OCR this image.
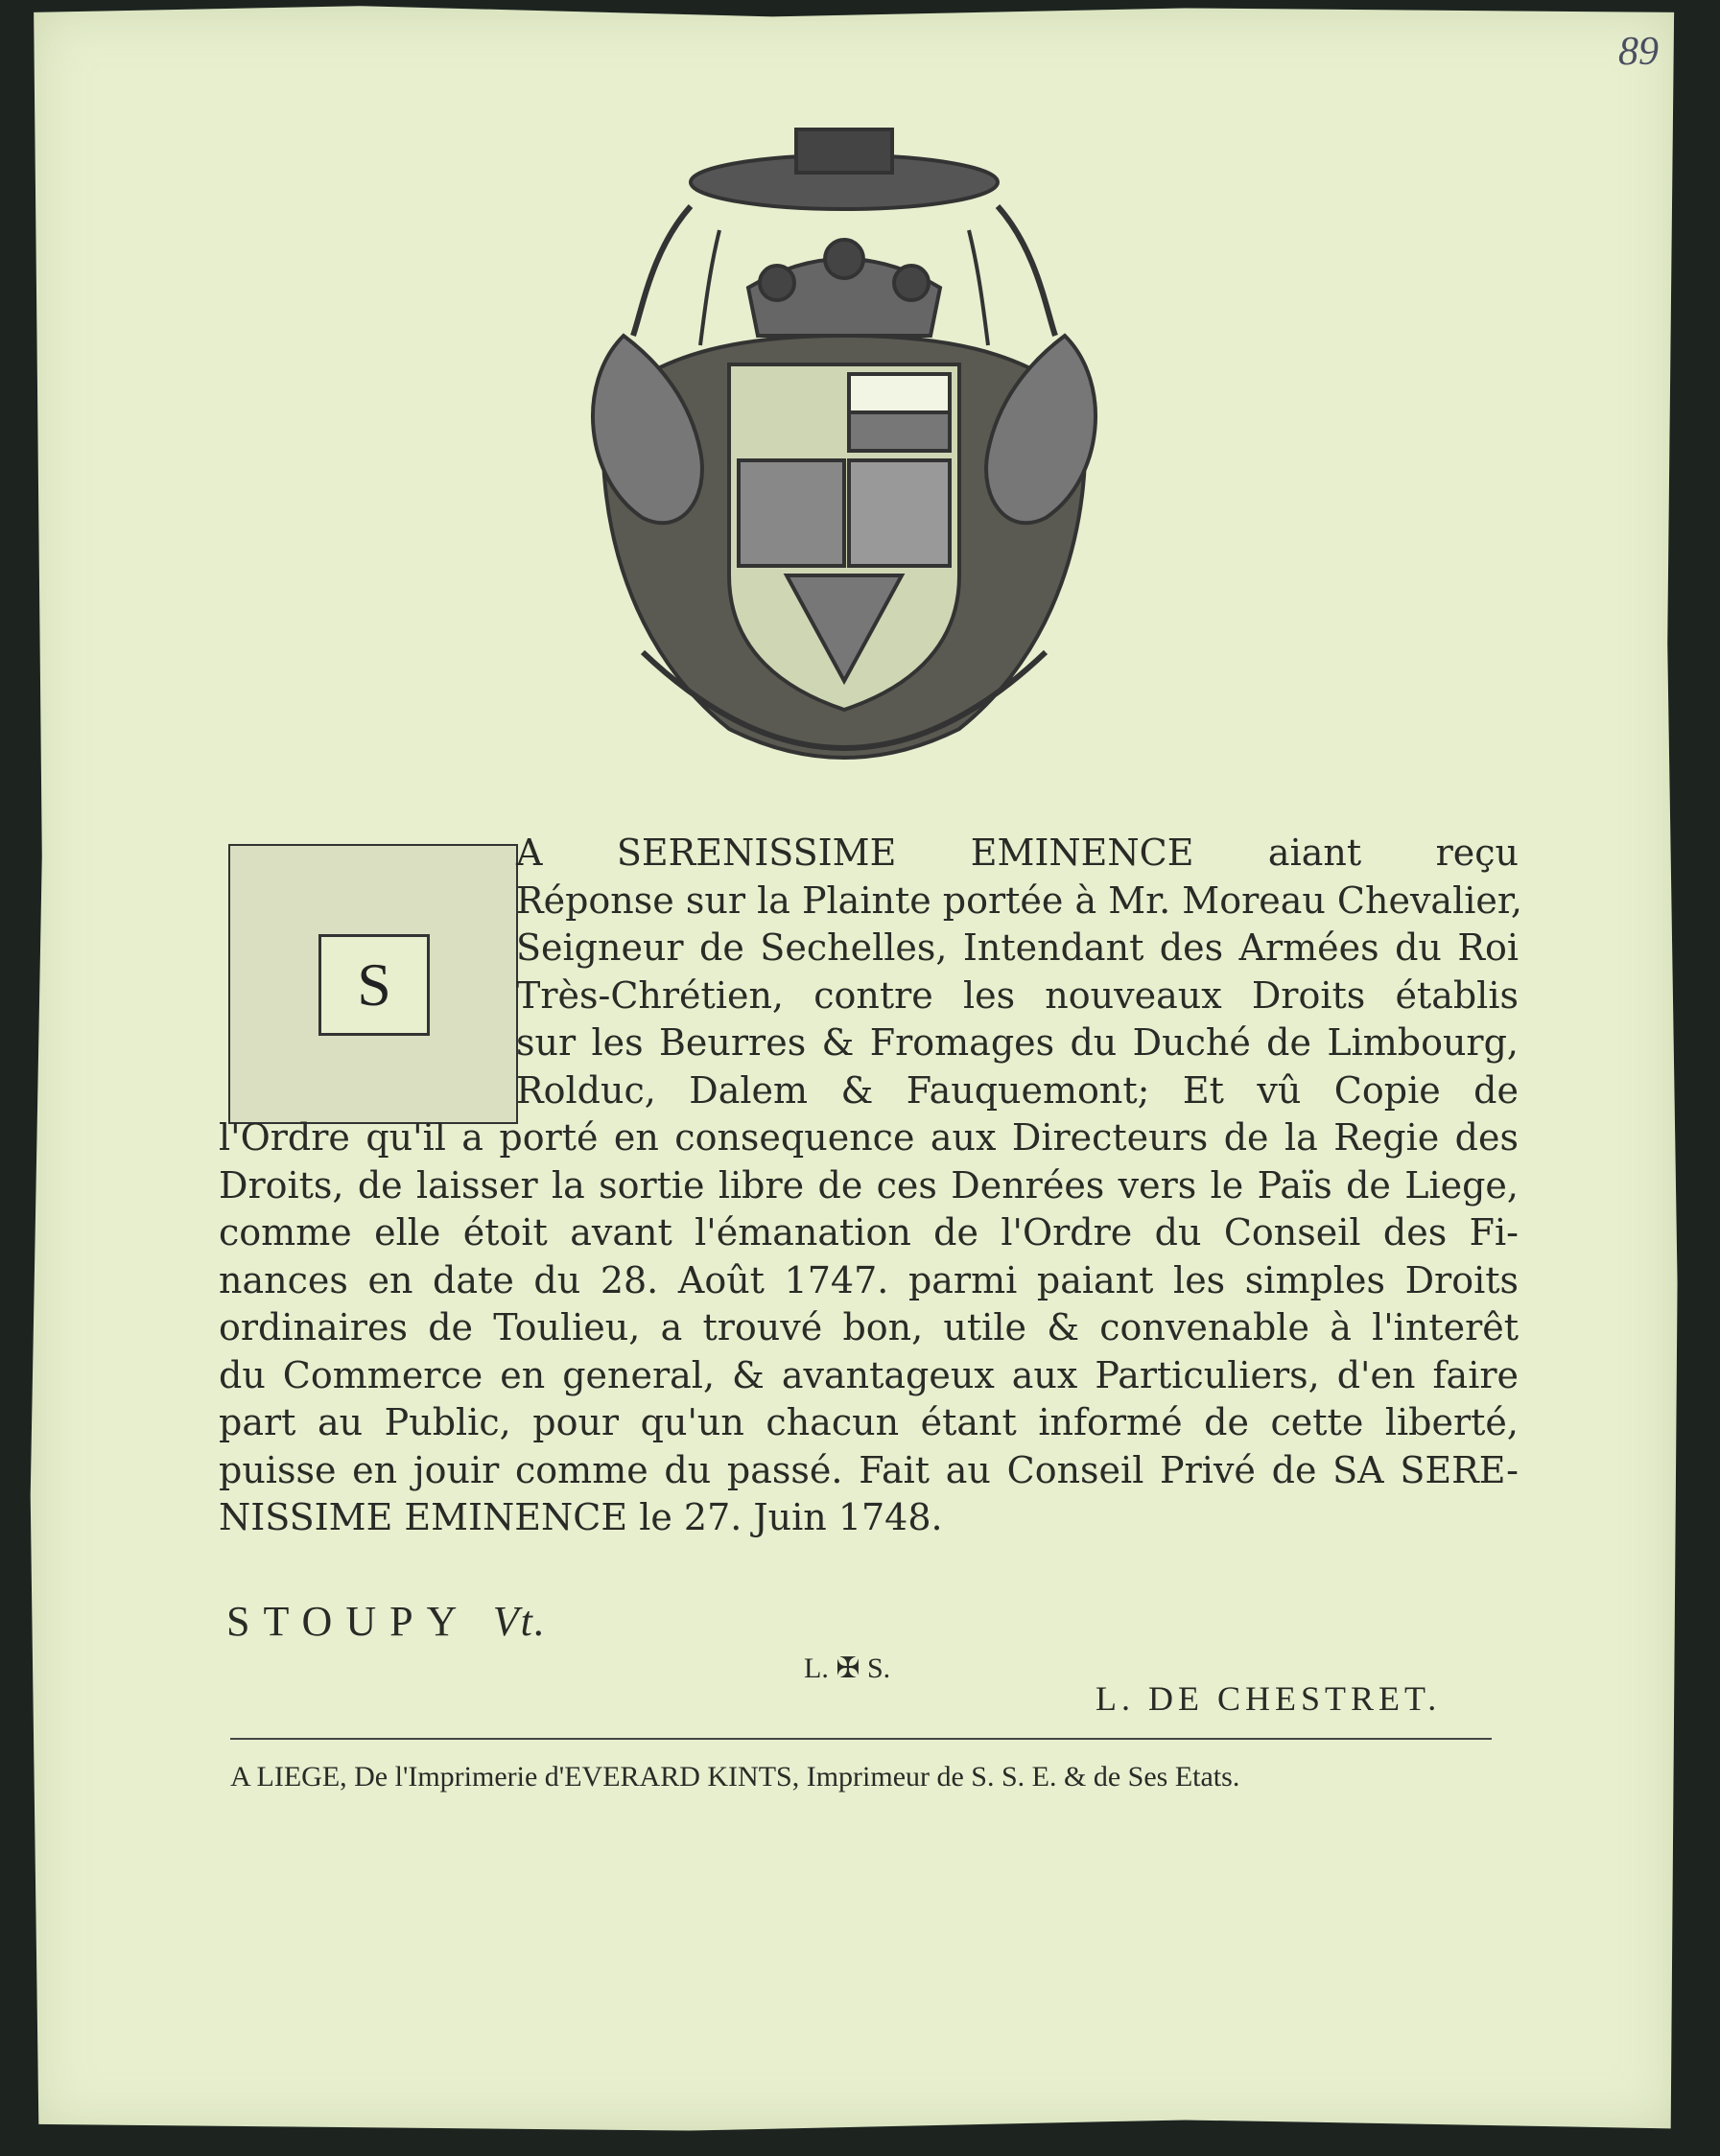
89
S
A SERENISSIME EMINENCE aiant reçu
Réponse sur la Plainte portée à Mr. Moreau Chevalier,
Seigneur de Sechelles, Intendant des Armées du Roi
Très-Chrétien, contre les nouveaux Droits établis
sur les Beurres & Fromages du Duché de Limbourg,
Rolduc, Dalem & Fauquemont; Et vû Copie de
l'Ordre qu'il a porté en consequence aux Directeurs de la Regie des
Droits, de laisser la sortie libre de ces Denrées vers le Païs de Liege,
comme elle étoit avant l'émanation de l'Ordre du Conseil des Fi-
nances en date du 28. Août 1747. parmi paiant les simples Droits
ordinaires de Toulieu, a trouvé bon, utile & convenable à l'interêt
du Commerce en general, & avantageux aux Particuliers, d'en faire
part au Public, pour qu'un chacun étant informé de cette liberté,
puisse en jouir comme du passé. Fait au Conseil Privé de SA SERE-
NISSIME EMINENCE le 27. Juin 1748.
STOUPY Vt.
L. ✠ S.
L. DE CHESTRET.
A LIEGE, De l'Imprimerie d'EVERARD KINTS, Imprimeur de S. S. E. & de Ses Etats.
